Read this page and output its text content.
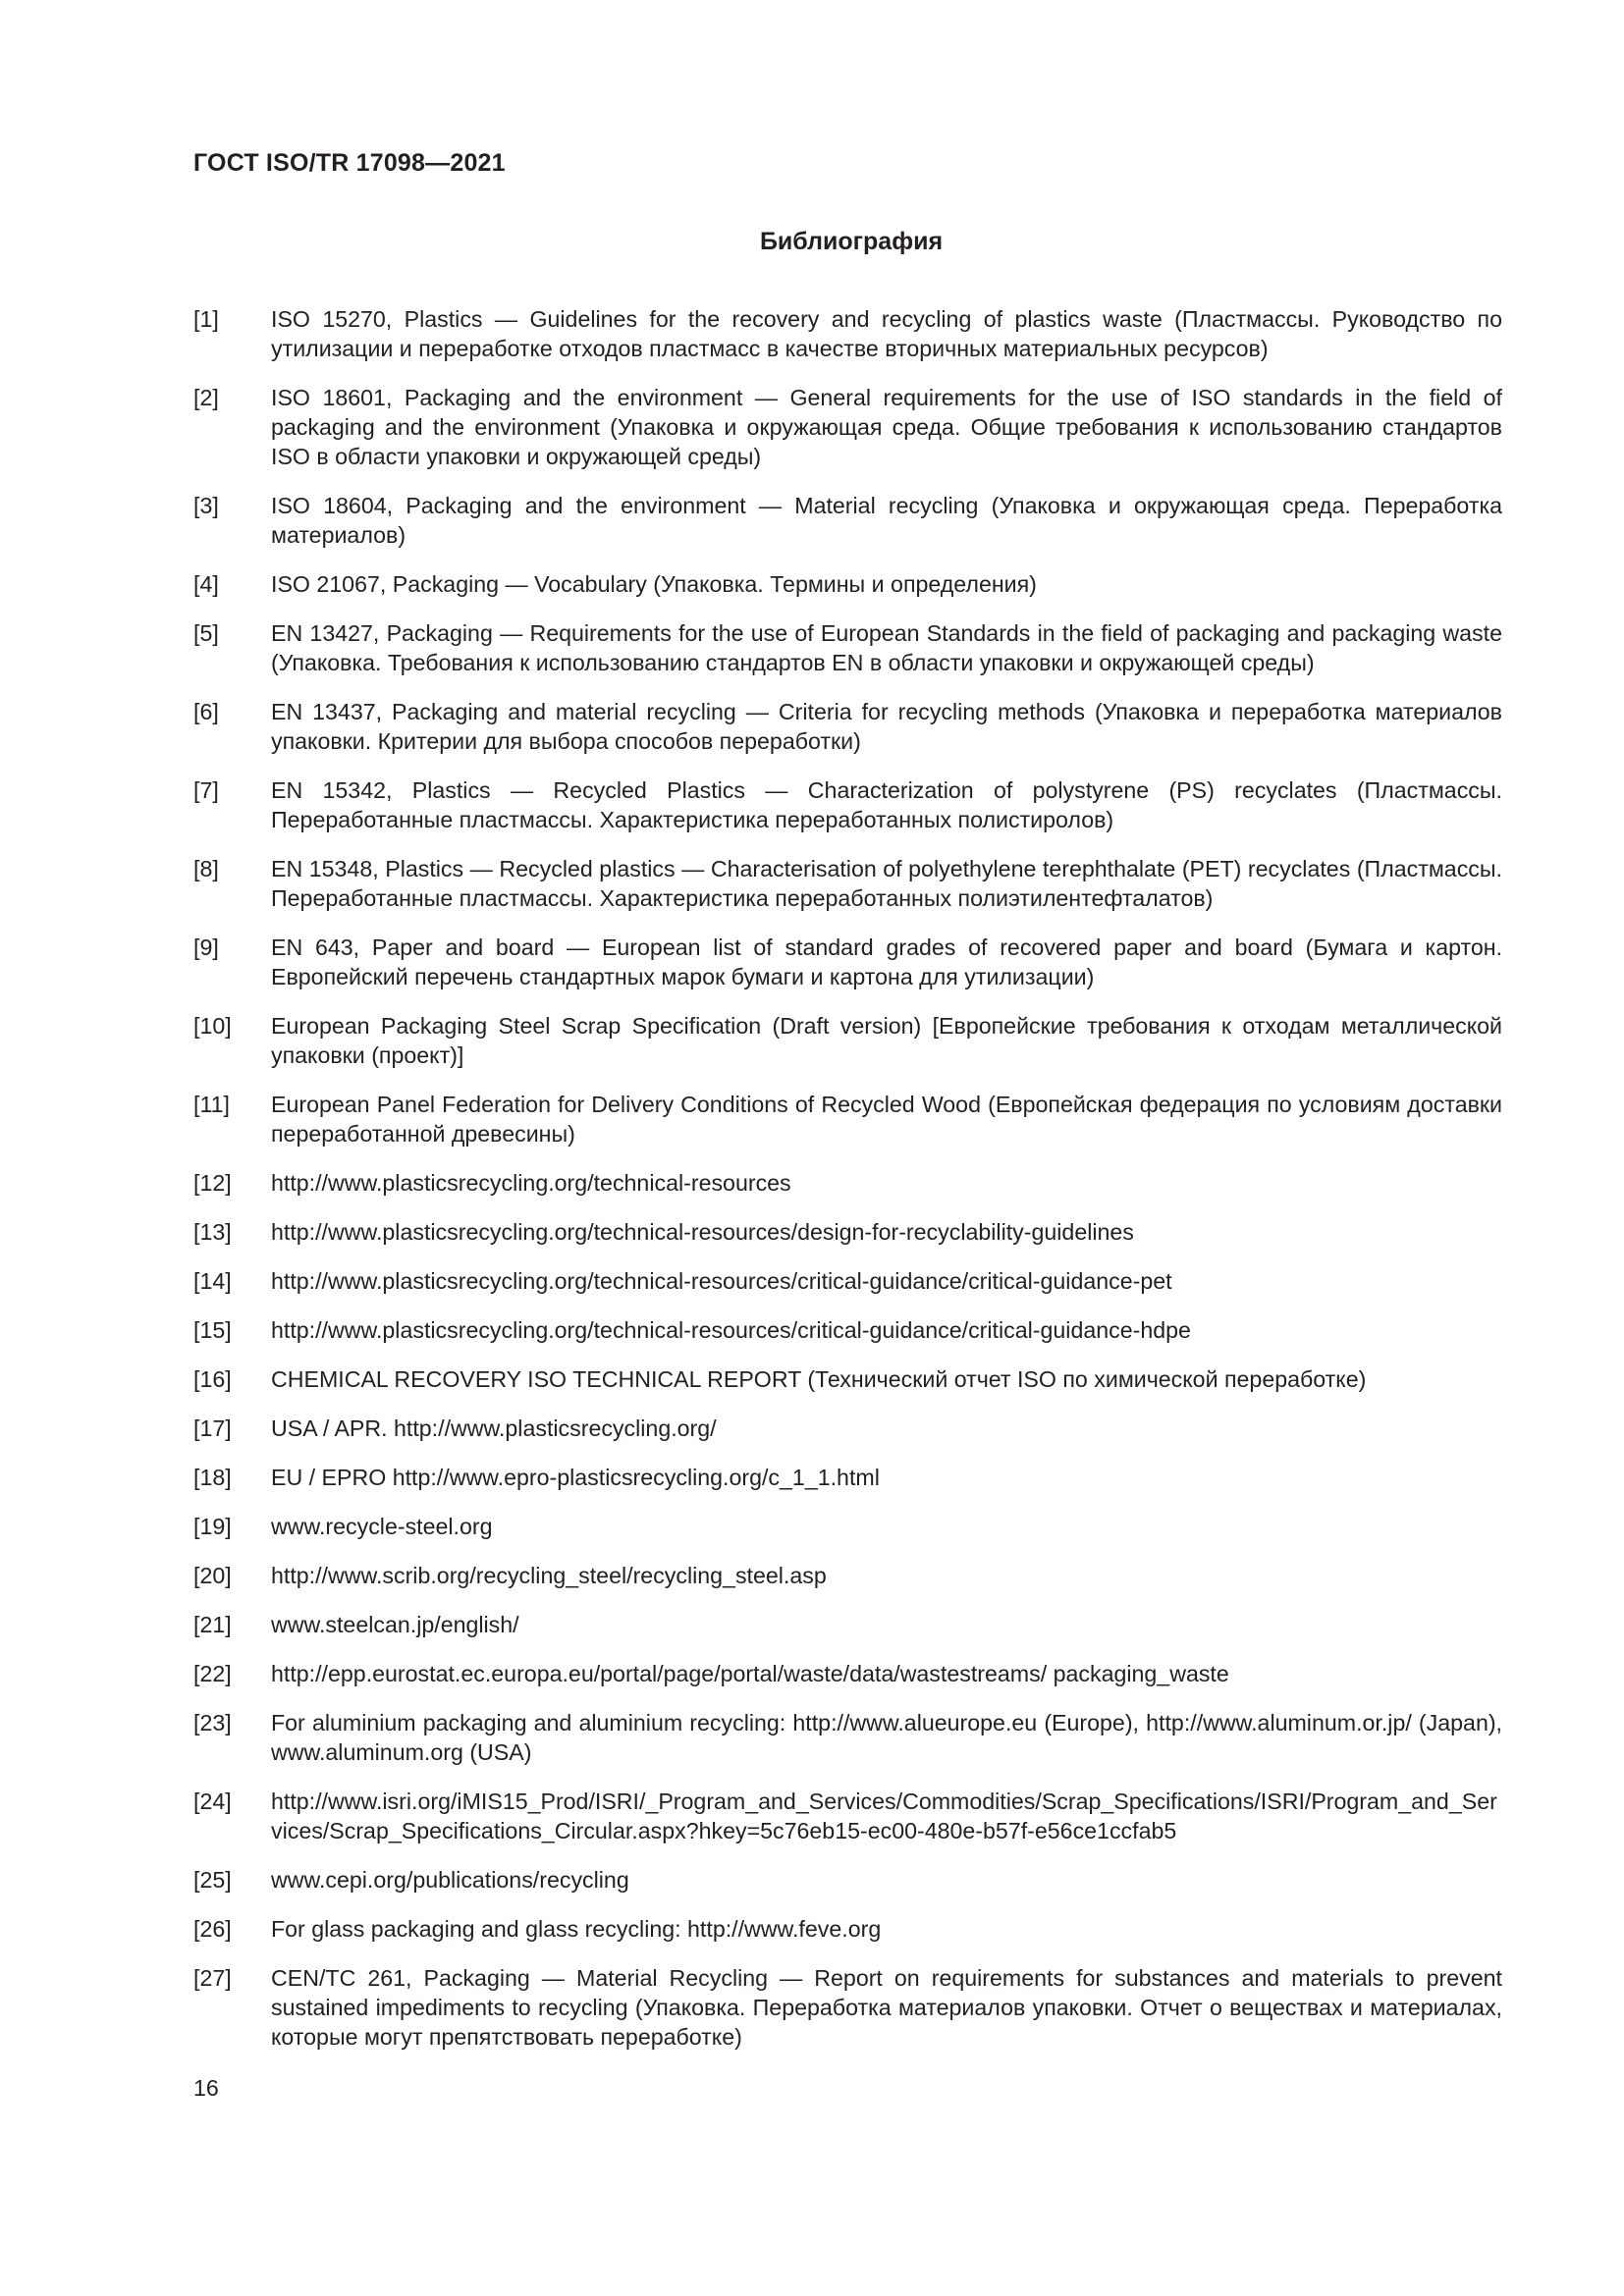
ГОСТ ISO/TR 17098—2021
Библиография
[1]	ISO 15270, Plastics — Guidelines for the recovery and recycling of plastics waste (Пластмассы. Руководство по утилизации и переработке отходов пластмасс в качестве вторичных материальных ресурсов)
[2]	ISO 18601, Packaging and the environment — General requirements for the use of ISO standards in the field of packaging and the environment (Упаковка и окружающая среда. Общие требования к использованию стандартов ISO в области упаковки и окружающей среды)
[3]	ISO 18604, Packaging and the environment — Material recycling (Упаковка и окружающая среда. Переработка материалов)
[4]	ISO 21067, Packaging — Vocabulary (Упаковка. Термины и определения)
[5]	EN 13427, Packaging — Requirements for the use of European Standards in the field of packaging and packaging waste (Упаковка. Требования к использованию стандартов EN в области упаковки и окружающей среды)
[6]	EN 13437, Packaging and material recycling — Criteria for recycling methods (Упаковка и переработка материалов упаковки. Критерии для выбора способов переработки)
[7]	EN 15342, Plastics — Recycled Plastics — Characterization of polystyrene (PS) recyclates (Пластмассы. Переработанные пластмассы. Характеристика переработанных полистиролов)
[8]	EN 15348, Plastics — Recycled plastics — Characterisation of polyethylene terephthalate (PET) recyclates (Пластмассы. Переработанные пластмассы. Характеристика переработанных полиэтилентефталатов)
[9]	EN 643, Paper and board — European list of standard grades of recovered paper and board (Бумага и картон. Европейский перечень стандартных марок бумаги и картона для утилизации)
[10]	European Packaging Steel Scrap Specification (Draft version) [Европейские требования к отходам металлической упаковки (проект)]
[11]	European Panel Federation for Delivery Conditions of Recycled Wood (Европейская федерация по условиям доставки переработанной древесины)
[12]	http://www.plasticsrecycling.org/technical-resources
[13]	http://www.plasticsrecycling.org/technical-resources/design-for-recyclability-guidelines
[14]	http://www.plasticsrecycling.org/technical-resources/critical-guidance/critical-guidance-pet
[15]	http://www.plasticsrecycling.org/technical-resources/critical-guidance/critical-guidance-hdpe
[16]	CHEMICAL RECOVERY ISO TECHNICAL REPORT (Технический отчет ISO по химической переработке)
[17]	USA / APR. http://www.plasticsrecycling.org/
[18]	EU / EPRO http://www.epro-plasticsrecycling.org/c_1_1.html
[19]	www.recycle-steel.org
[20]	http://www.scrib.org/recycling_steel/recycling_steel.asp
[21]	www.steelcan.jp/english/
[22]	http://epp.eurostat.ec.europa.eu/portal/page/portal/waste/data/wastestreams/ packaging_waste
[23]	For aluminium packaging and aluminium recycling: http://www.alueurope.eu (Europe), http://www.aluminum.or.jp/ (Japan), www.aluminum.org (USA)
[24]	http://www.isri.org/iMIS15_Prod/ISRI/_Program_and_Services/Commodities/Scrap_Specifications/ISRI/Program_and_Services/Scrap_Specifications_Circular.aspx?hkey=5c76eb15-ec00-480e-b57f-e56ce1ccfab5
[25]	www.cepi.org/publications/recycling
[26]	For glass packaging and glass recycling: http://www.feve.org
[27]	CEN/TC 261, Packaging — Material Recycling — Report on requirements for substances and materials to prevent sustained impediments to recycling (Упаковка. Переработка материалов упаковки. Отчет о веществах и материалах, которые могут препятствовать переработке)
16
